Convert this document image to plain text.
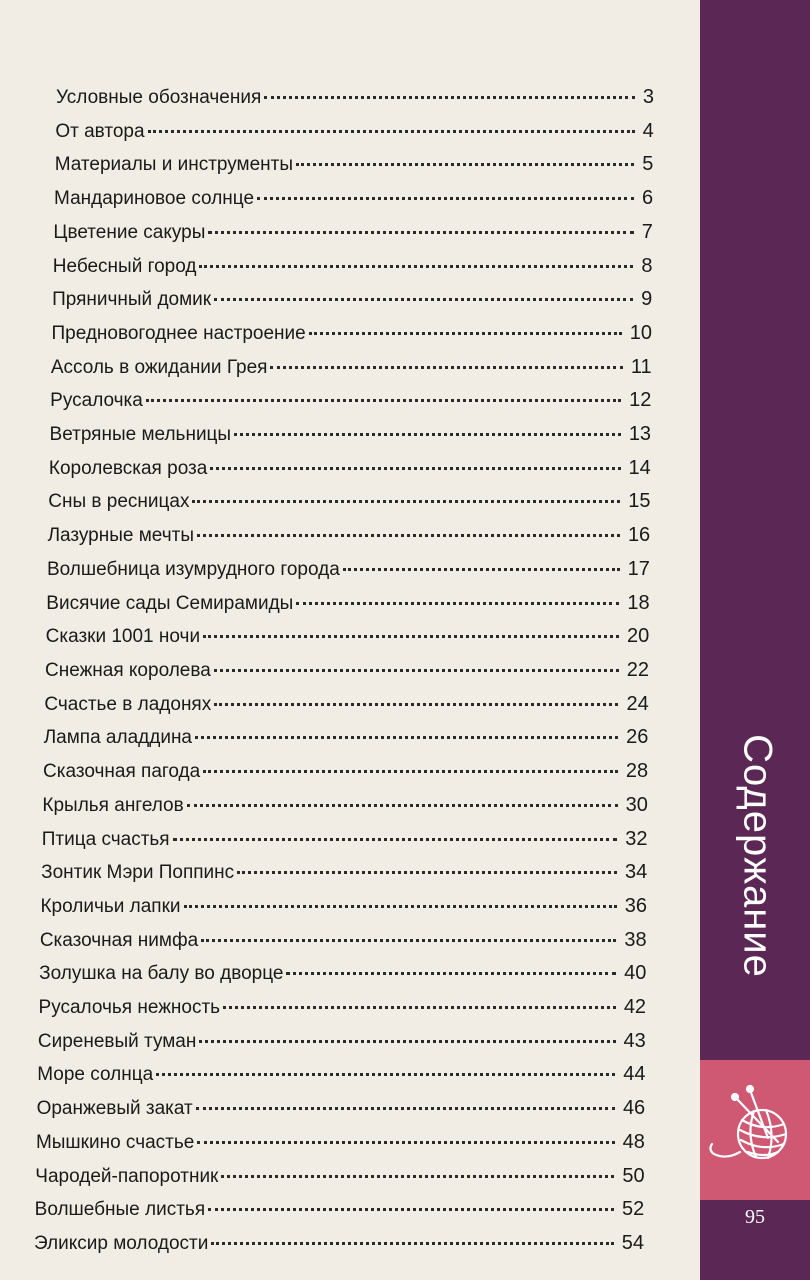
Условные обозначения	3
От автора	4
Материалы и инструменты	5
Мандариновое солнце	6
Цветение сакуры	7
Небесный город	8
Пряничный домик	9
Предновогоднее настроение	10
Ассоль в ожидании Грея	11
Русалочка	12
Ветряные мельницы	13
Королевская роза	14
Сны в ресницах	15
Лазурные мечты	16
Волшебница изумрудного города	17
Висячие сады Семирамиды	18
Сказки 1001 ночи	20
Снежная королева	22
Счастье в ладонях	24
Лампа аладдина	26
Сказочная пагода	28
Крылья ангелов	30
Птица счастья	32
Зонтик Мэри Поппинс	34
Кроличьи лапки	36
Сказочная нимфа	38
Золушка на балу во дворце	40
Русалочья нежность	42
Сиреневый туман	43
Море солнца	44
Оранжевый закат	46
Мышкино счастье	48
Чародей-папоротник	50
Волшебные листья	52
Эликсир молодости	54
Содержание
95
